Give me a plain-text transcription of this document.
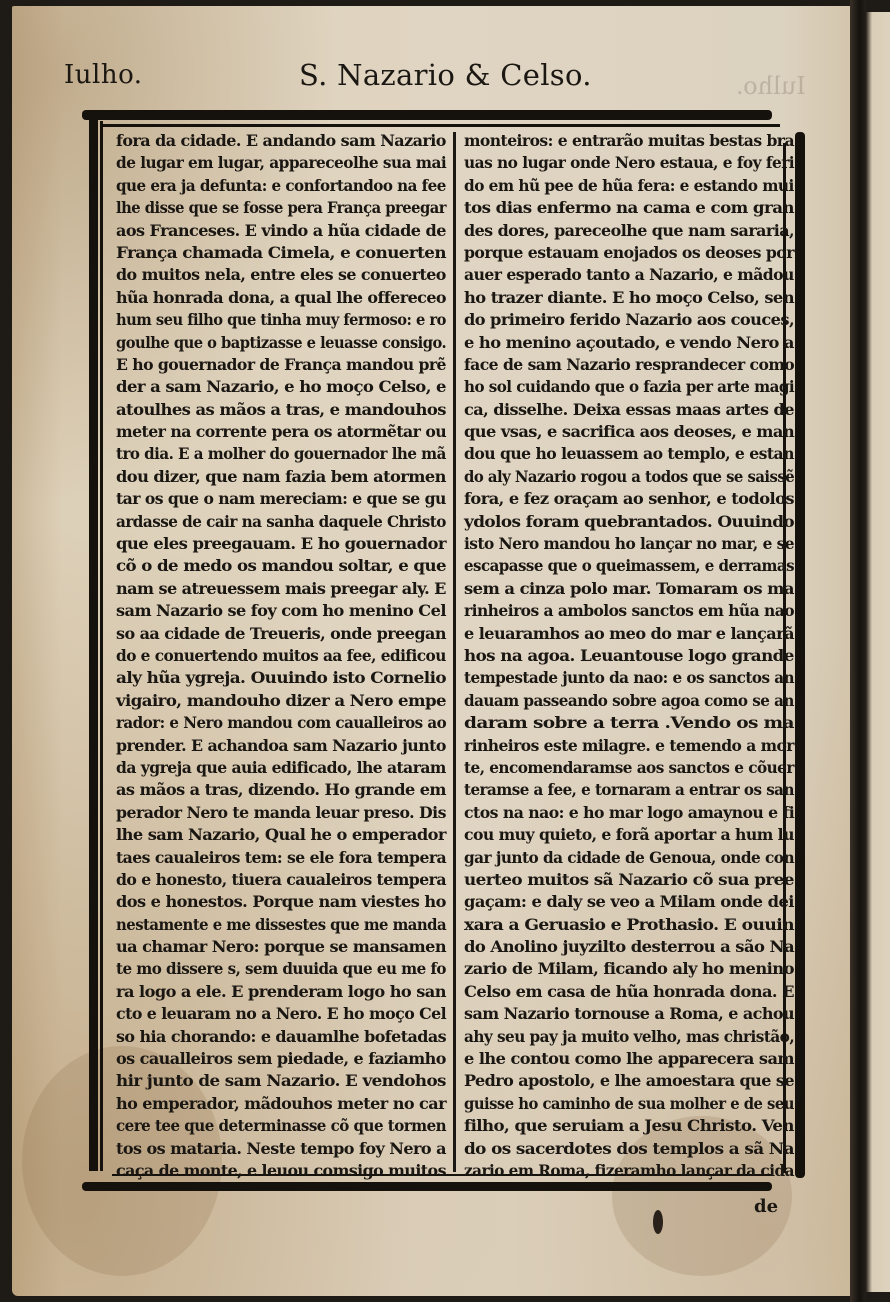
Iulho.	S. Nazario & Celso.	Iulho.
fora da cidade. E andando sam Nazario
de lugar em lugar, appareceolhe sua mai
que era ja defunta: e confortandoo na fee
lhe disse que se fosse pera França preegar
aos Franceses. E vindo a hũa cidade de
França chamada Cimela, e conuerten
do muitos nela, entre eles se conuerteo
hũa honrada dona, a qual lhe offereceo
hum seu filho que tinha muy fermoso: e ro
goulhe que o baptizasse e leuasse consigo.
E ho gouernador de França mandou prẽ
der a sam Nazario, e ho moço Celso, e
atoulhes as mãos a tras, e mandouhos
meter na corrente pera os atormẽtar ou
tro dia. E a molher do gouernador lhe mã
dou dizer, que nam fazia bem atormen
tar os que o nam mereciam: e que se gu
ardasse de cair na sanha daquele Christo
que eles preegauam. E ho gouernador
cõ o de medo os mandou soltar, e que
nam se atreuessem mais preegar aly. E
sam Nazario se foy com ho menino Cel
so aa cidade de Treueris, onde preegan
do e conuertendo muitos aa fee, edificou
aly hũa ygreja. Ouuindo isto Cornelio
vigairo, mandouho dizer a Nero empe
rador: e Nero mandou com caualleiros ao
prender. E achandoa sam Nazario junto
da ygreja que auia edificado, lhe ataram
as mãos a tras, dizendo. Ho grande em
perador Nero te manda leuar preso. Dis
lhe sam Nazario, Qual he o emperador
taes caualeiros tem: se ele fora tempera
do e honesto, tiuera caualeiros tempera
dos e honestos. Porque nam viestes ho
nestamente e me dissestes que me manda
ua chamar Nero: porque se mansamen
te mo dissere s, sem duuida que eu me fo
ra logo a ele. E prenderam logo ho san
cto e leuaram no a Nero. E ho moço Cel
so hia chorando: e dauamlhe bofetadas
os caualleiros sem piedade, e faziamho
hir junto de sam Nazario. E vendohos
ho emperador, mãdouhos meter no car
cere tee que determinasse cõ que tormen
tos os mataria. Neste tempo foy Nero a
caça de monte, e leuou comsigo muitos
monteiros: e entrarão muitas bestas bra
uas no lugar onde Nero estaua, e foy feri
do em hũ pee de hũa fera: e estando mui
tos dias enfermo na cama e com gran
des dores, pareceolhe que nam sararia,
porque estauam enojados os deoses por
auer esperado tanto a Nazario, e mãdou
ho trazer diante. E ho moço Celso, sen
do primeiro ferido Nazario aos couces,
e ho menino açoutado, e vendo Nero a
face de sam Nazario resprandecer como
ho sol cuidando que o fazia per arte magi
ca, disselhe. Deixa essas maas artes de
que vsas, e sacrifica aos deoses, e man
dou que ho leuassem ao templo, e estan
do aly Nazario rogou a todos que se saissẽ
fora, e fez oraçam ao senhor, e todolos
ydolos foram quebrantados. Ouuindo
isto Nero mandou ho lançar no mar, e se
escapasse que o queimassem, e derramas
sem a cinza polo mar. Tomaram os ma
rinheiros a ambolos sanctos em hũa nao
e leuaramhos ao meo do mar e lançarã
hos na agoa. Leuantouse logo grande
tempestade junto da nao: e os sanctos an
dauam passeando sobre agoa como se an
daram sobre a terra .Vendo os ma
rinheiros este milagre. e temendo a mor
te, encomendaramse aos sanctos e cõuer
teramse a fee, e tornaram a entrar os san
ctos na nao: e ho mar logo amaynou e fi
cou muy quieto, e forã aportar a hum lu
gar junto da cidade de Genoua, onde con
uerteo muitos sã Nazario cõ sua pree
gaçam: e daly se veo a Milam onde dei
xara a Geruasio e Prothasio. E ouuin
do Anolino juyzilto desterrou a são Na
zario de Milam, ficando aly ho menino
Celso em casa de hũa honrada dona. E
sam Nazario tornouse a Roma, e achou
ahy seu pay ja muito velho, mas christão,
e lhe contou como lhe apparecera sam
Pedro apostolo, e lhe amoestara que se
guisse ho caminho de sua molher e de seu
filho, que seruiam a Jesu Christo. Ven
do os sacerdotes dos templos a sã Na
zario em Roma, fizeramho lançar da cida
de
